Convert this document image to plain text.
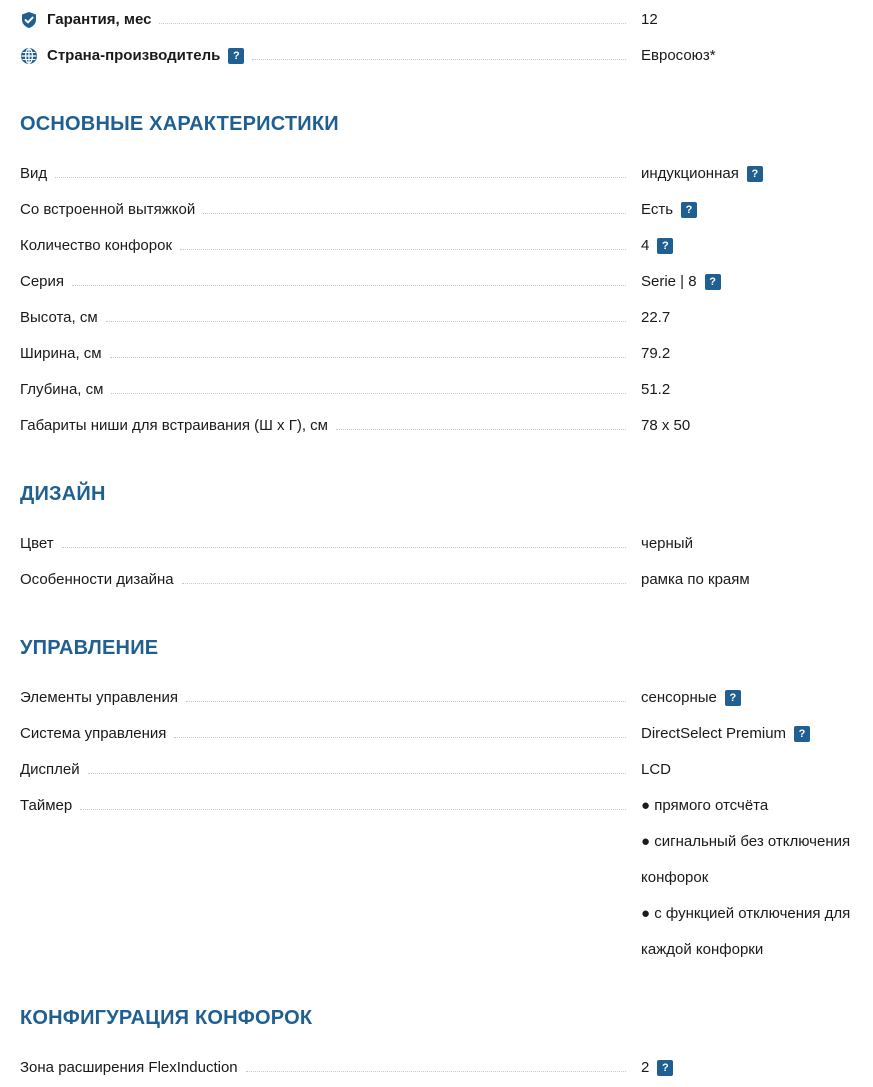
Гарантия, мес	12
Страна-производитель	?	Евросоюз*
ОСНОВНЫЕ ХАРАКТЕРИСТИКИ
Вид	индукционная	?
Со встроенной вытяжкой	Есть	?
Количество конфорок	4	?
Серия	Serie | 8	?
Высота, см	22.7
Ширина, см	79.2
Глубина, см	51.2
Габариты ниши для встраивания (Ш х Г), см	78 x 50
ДИЗАЙН
Цвет	черный
Особенности дизайна	рамка по краям
УПРАВЛЕНИЕ
Элементы управления	сенсорные	?
Система управления	DirectSelect Premium	?
Дисплей	LCD
Таймер	● прямого отсчёта
● сигнальный без отключения
конфорок
● с функцией отключения для
каждой конфорки
КОНФИГУРАЦИЯ КОНФОРОК
Зона расширения FlexInduction	2	?
